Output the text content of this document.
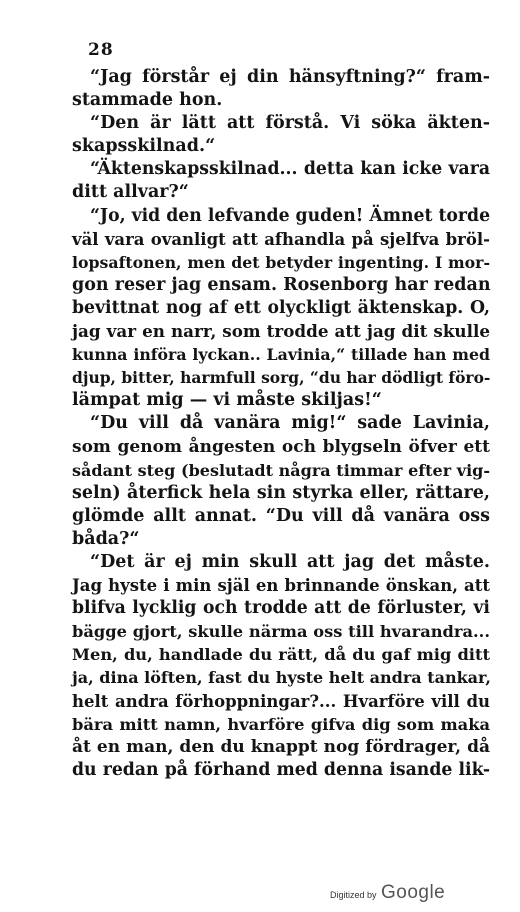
28
“Jag förstår ej din hänsyftning?“ fram-
stammade hon.
“Den är lätt att förstå. Vi söka äkten-
skapsskilnad.“
“Äktenskapsskilnad... detta kan icke vara
ditt allvar?“
“Jo, vid den lefvande guden! Ämnet torde
väl vara ovanligt att afhandla på sjelfva bröl-
lopsaftonen, men det betyder ingenting. I mor-
gon reser jag ensam. Rosenborg har redan
bevittnat nog af ett olyckligt äktenskap. O,
jag var en narr, som trodde att jag dit skulle
kunna införa lyckan.. Lavinia,“ tillade han med
djup, bitter, harmfull sorg, “du har dödligt föro-
lämpat mig — vi måste skiljas!“
“Du vill då vanära mig!“ sade Lavinia,
som genom ångesten och blygseln öfver ett
sådant steg (beslutadt några timmar efter vig-
seln) återfick hela sin styrka eller, rättare,
glömde allt annat. “Du vill då vanära oss
båda?“
“Det är ej min skull att jag det måste.
Jag hyste i min själ en brinnande önskan, att
blifva lycklig och trodde att de förluster, vi
bägge gjort, skulle närma oss till hvarandra...
Men, du, handlade du rätt, då du gaf mig ditt
ja, dina löften, fast du hyste helt andra tankar,
helt andra förhoppningar?... Hvarföre vill du
bära mitt namn, hvarföre gifva dig som maka
åt en man, den du knappt nog fördrager, då
du redan på förhand med denna isande lik-
Digitized by Google
